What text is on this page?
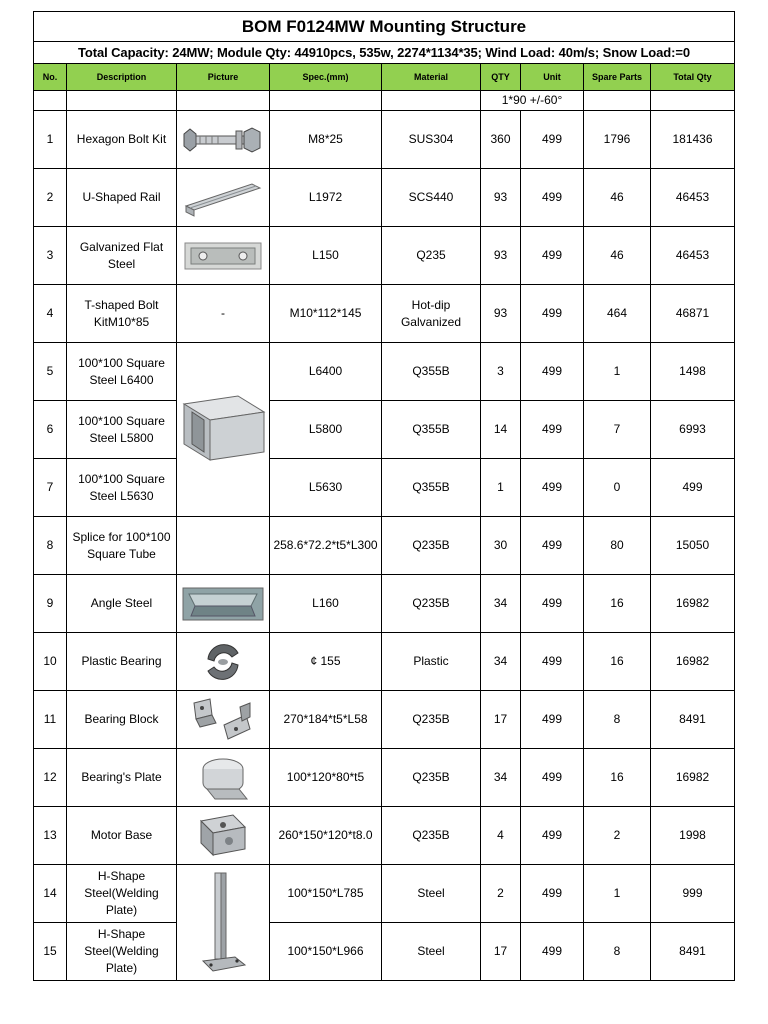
BOM F0124MW Mounting Structure								
Total Capacity: 24MW; Module Qty: 44910pcs, 535w, 2274*1134*35; Wind Load: 40m/s; Snow Load:=0								
No.	Description	Picture	Spec.(mm)	Material	QTY	Unit	Spare Parts	Total Qty
					1*90 +/-60°			
1	Hexagon Bolt Kit		M8*25	SUS304	360	499	1796	181436
2	U-Shaped Rail		L1972	SCS440	93	499	46	46453
3	Galvanized Flat Steel		L150	Q235	93	499	46	46453
4	T-shaped Bolt KitM10*85	-	M10*112*145	Hot-dip Galvanized	93	499	464	46871
5	100*100 Square Steel L6400		L6400	Q355B	3	499	1	1498
6	100*100 Square Steel L5800		L5800	Q355B	14	499	7	6993
7	100*100 Square Steel L5630		L5630	Q355B	1	499	0	499
8	Splice for 100*100 Square Tube		258.6*72.2*t5*L300	Q235B	30	499	80	15050
9	Angle Steel		L160	Q235B	34	499	16	16982
10	Plastic Bearing		¢ 155	Plastic	34	499	16	16982
11	Bearing Block		270*184*t5*L58	Q235B	17	499	8	8491
12	Bearing's Plate		100*120*80*t5	Q235B	34	499	16	16982
13	Motor Base		260*150*120*t8.0	Q235B	4	499	2	1998
14	H-Shape Steel(Welding Plate)		100*150*L785	Steel	2	499	1	999
15	H-Shape Steel(Welding Plate)		100*150*L966	Steel	17	499	8	8491
